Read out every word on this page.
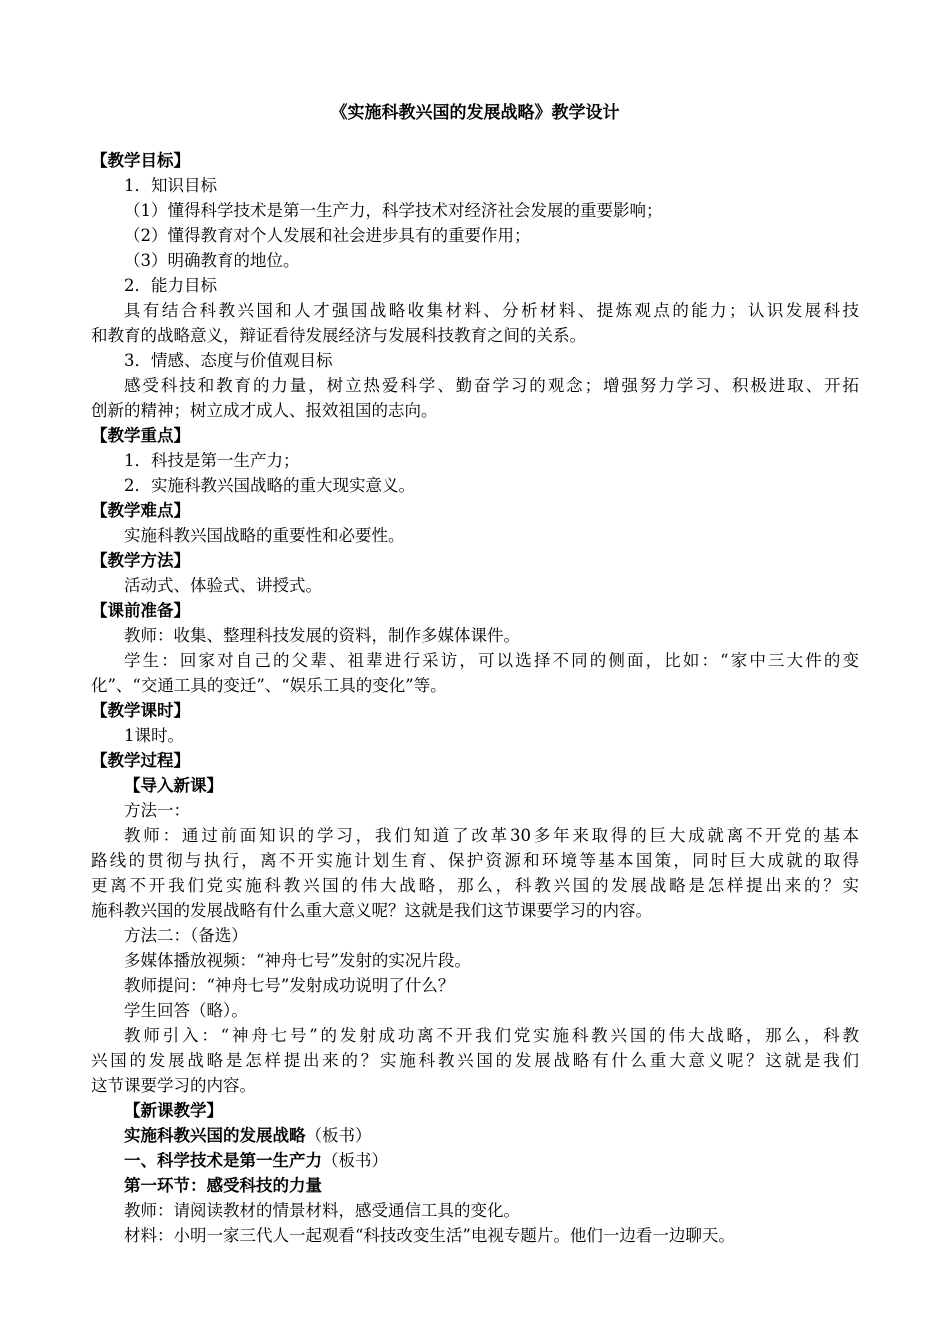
《实施科教兴国的发展战略》教学设计
【教学目标】
1．知识目标
（1）懂得科学技术是第一生产力，科学技术对经济社会发展的重要影响；
（2）懂得教育对个人发展和社会进步具有的重要作用；
（3）明确教育的地位。
2．能力目标
具有结合科教兴国和人才强国战略收集材料、分析材料、提炼观点的能力；认识发展科技
和教育的战略意义，辩证看待发展经济与发展科技教育之间的关系。
3．情感、态度与价值观目标
感受科技和教育的力量，树立热爱科学、勤奋学习的观念；增强努力学习、积极进取、开拓
创新的精神；树立成才成人、报效祖国的志向。
【教学重点】
1．科技是第一生产力；
2．实施科教兴国战略的重大现实意义。
【教学难点】
实施科教兴国战略的重要性和必要性。
【教学方法】
活动式、体验式、讲授式。
【课前准备】
教师：收集、整理科技发展的资料，制作多媒体课件。
学生：回家对自己的父辈、祖辈进行采访，可以选择不同的侧面，比如：“家中三大件的变
化”、“交通工具的变迁”、“娱乐工具的变化”等。
【教学课时】
1课时。
【教学过程】
【导入新课】
方法一：
教师：通过前面知识的学习，我们知道了改革30多年来取得的巨大成就离不开党的基本
路线的贯彻与执行，离不开实施计划生育、保护资源和环境等基本国策，同时巨大成就的取得
更离不开我们党实施科教兴国的伟大战略，那么，科教兴国的发展战略是怎样提出来的？实
施科教兴国的发展战略有什么重大意义呢？这就是我们这节课要学习的内容。
方法二：（备选）
多媒体播放视频：“神舟七号”发射的实况片段。
教师提问：“神舟七号”发射成功说明了什么？
学生回答（略）。
教师引入：“神舟七号”的发射成功离不开我们党实施科教兴国的伟大战略，那么，科教
兴国的发展战略是怎样提出来的？实施科教兴国的发展战略有什么重大意义呢？这就是我们
这节课要学习的内容。
【新课教学】
实施科教兴国的发展战略（板书）
一、科学技术是第一生产力（板书）
第一环节：感受科技的力量
教师：请阅读教材的情景材料，感受通信工具的变化。
材料：小明一家三代人一起观看“科技改变生活”电视专题片。他们一边看一边聊天。
